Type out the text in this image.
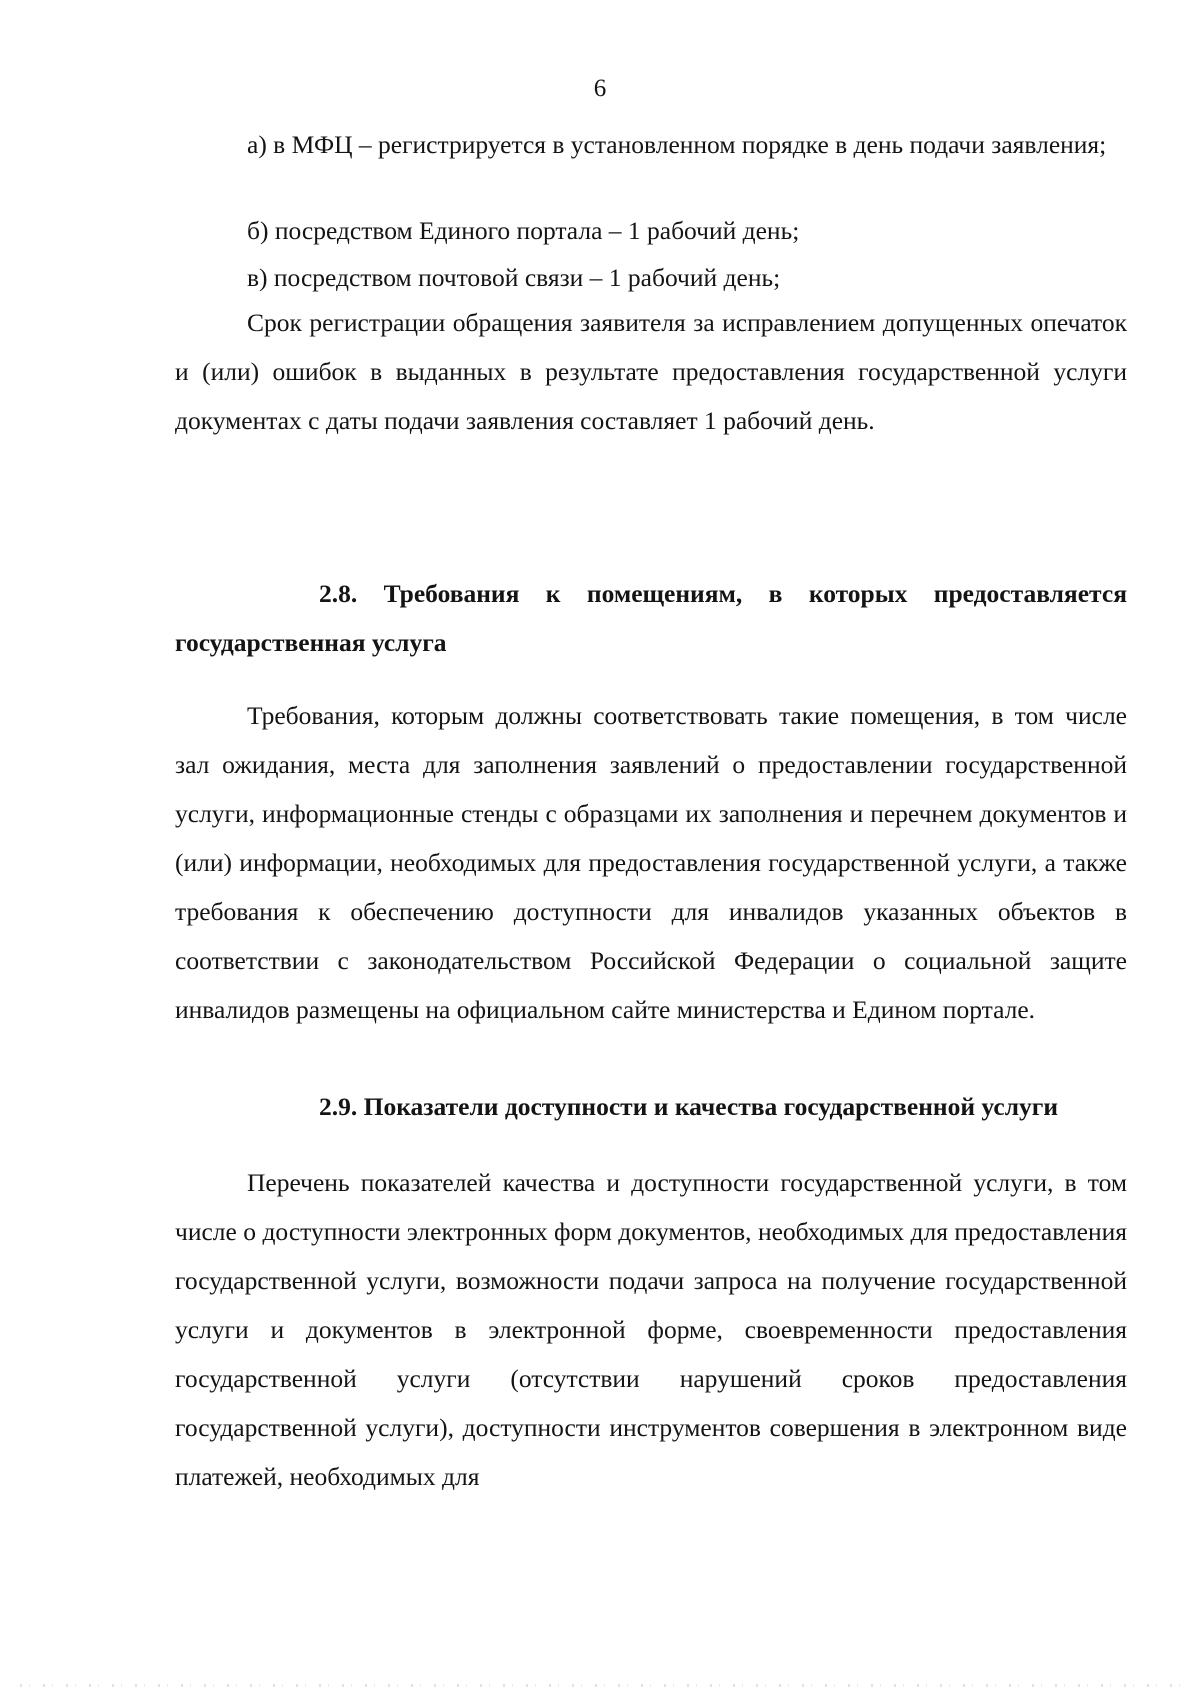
6

а) в МФЦ – регистрируется в установленном порядке в день подачи заявления;

б) посредством Единого портала – 1 рабочий день;

в) посредством почтовой связи – 1 рабочий день;

Срок регистрации обращения заявителя за исправлением допущенных опечаток и (или) ошибок в выданных в результате предоставления государственной услуги документах с даты подачи заявления составляет 1 рабочий день.

2.8. Требования к помещениям, в которых предоставляется государственная услуга

Требования, которым должны соответствовать такие помещения, в том числе зал ожидания, места для заполнения заявлений о предоставлении государственной услуги, информационные стенды с образцами их заполнения и перечнем документов и (или) информации, необходимых для предоставления государственной услуги, а также требования к обеспечению доступности для инвалидов указанных объектов в соответствии с законодательством Российской Федерации о социальной защите инвалидов размещены на официальном сайте министерства и Едином портале.

2.9. Показатели доступности и качества государственной услуги

Перечень показателей качества и доступности государственной услуги, в том числе о доступности электронных форм документов, необходимых для предоставления государственной услуги, возможности подачи запроса на получение государственной услуги и документов в электронной форме, своевременности предоставления государственной услуги (отсутствии нарушений сроков предоставления государственной услуги), доступности инструментов совершения в электронном виде платежей, необходимых для
